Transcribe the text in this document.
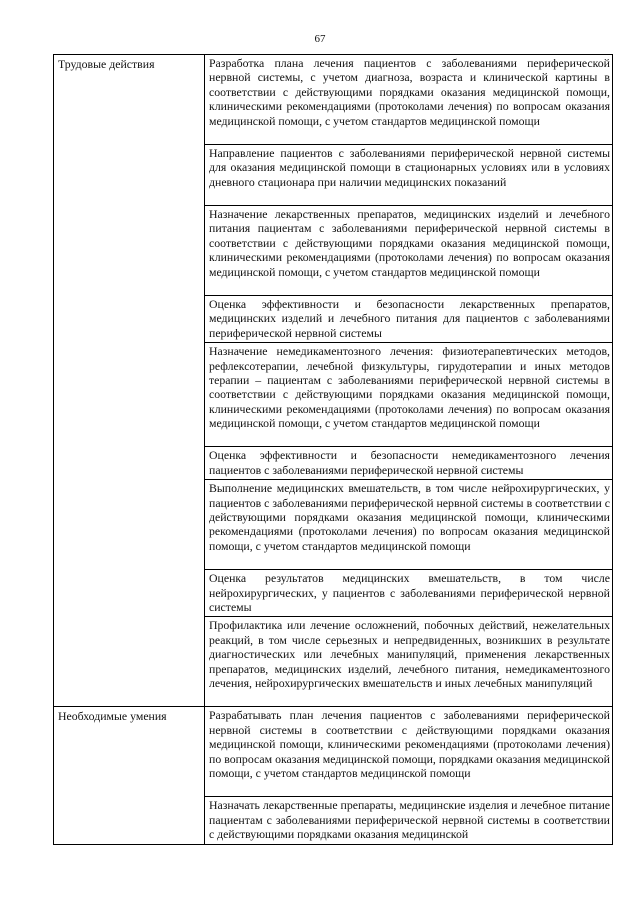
67
Трудовые действия	Разработка плана лечения пациентов с заболеваниями периферической нервной системы, с учетом диагноза, возраста и клинической картины в соответствии с действующими порядками оказания медицинской помощи, клиническими рекомендациями (протоколами лечения) по вопросам оказания медицинской помощи, с учетом стандартов медицинской помощи
	Направление пациентов с заболеваниями периферической нервной системы для оказания медицинской помощи в стационарных условиях или в условиях дневного стационара при наличии медицинских показаний
	Назначение лекарственных препаратов, медицинских изделий и лечебного питания пациентам с заболеваниями периферической нервной системы в соответствии с действующими порядками оказания медицинской помощи, клиническими рекомендациями (протоколами лечения) по вопросам оказания медицинской помощи, с учетом стандартов медицинской помощи
	Оценка эффективности и безопасности лекарственных препаратов, медицинских изделий и лечебного питания для пациентов с заболеваниями периферической нервной системы
	Назначение немедикаментозного лечения: физиотерапевтических методов, рефлексотерапии, лечебной физкультуры, гирудотерапии и иных методов терапии – пациентам с заболеваниями периферической нервной системы в соответствии с действующими порядками оказания медицинской помощи, клиническими рекомендациями (протоколами лечения) по вопросам оказания медицинской помощи, с учетом стандартов медицинской помощи
	Оценка эффективности и безопасности немедикаментозного лечения пациентов с заболеваниями периферической нервной системы
	Выполнение медицинских вмешательств, в том числе нейрохирургических, у пациентов с заболеваниями периферической нервной системы в соответствии с действующими порядками оказания медицинской помощи, клиническими рекомендациями (протоколами лечения) по вопросам оказания медицинской помощи, с учетом стандартов медицинской помощи
	Оценка результатов медицинских вмешательств, в том числе нейрохирургических, у пациентов с заболеваниями периферической нервной системы
	Профилактика или лечение осложнений, побочных действий, нежелательных реакций, в том числе серьезных и непредвиденных, возникших в результате диагностических или лечебных манипуляций, применения лекарственных препаратов, медицинских изделий, лечебного питания, немедикаментозного лечения, нейрохирургических вмешательств и иных лечебных манипуляций
Необходимые умения	Разрабатывать план лечения пациентов с заболеваниями периферической нервной системы в соответствии с действующими порядками оказания медицинской помощи, клиническими рекомендациями (протоколами лечения) по вопросам оказания медицинской помощи, порядками оказания медицинской помощи, с учетом стандартов медицинской помощи
	Назначать лекарственные препараты, медицинские изделия и лечебное питание пациентам с заболеваниями периферической нервной системы в соответствии с действующими порядками оказания медицинской
